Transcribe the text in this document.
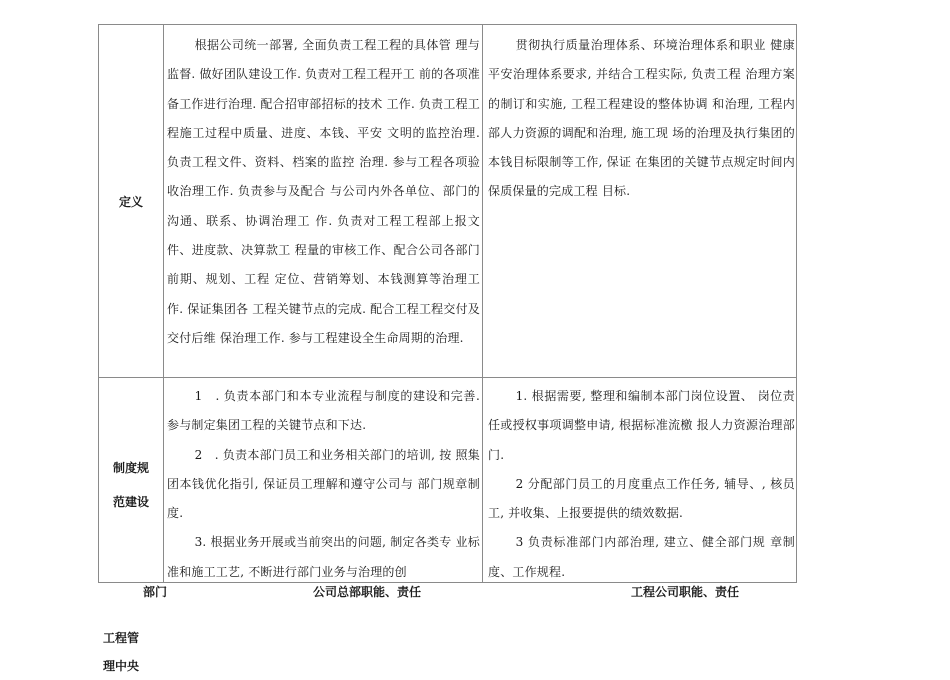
定义

根据公司统一部署, 全面负责工程工程的具体管 理与监督. 做好团队建设工作. 负责对工程工程开工 前的各项准备工作进行治理. 配合招审部招标的技术 工作. 负责工程工程施工过程中质量、进度、本钱、平安 文明的监控治理. 负责工程文件、资料、档案的监控 治理. 参与工程各项验收治理工作. 负责参与及配合 与公司内外各单位、部门的沟通、联系、协调治理工 作. 负责对工程工程部上报文件、进度款、决算款工 程量的审核工作、配合公司各部门前期、规划、工程 定位、营销筹划、本钱测算等治理工作. 保证集团各 工程关键节点的完成. 配合工程工程交付及交付后维 保治理工作. 参与工程建设全生命周期的治理.

贯彻执行质量治理体系、环境治理体系和职业 健康平安治理体系要求, 并结合工程实际, 负责工程 治理方案的制订和实施, 工程工程建设的整体协调 和治理, 工程内部人力资源的调配和治理, 施工现 场的治理及执行集团的本钱目标限制等工作, 保证 在集团的关键节点规定时间内保质保量的完成工程 目标.

制度规
范建设

1　. 负责本部门和本专业流程与制度的建设和完善. 参与制定集团工程的关键节点和下达.

2　. 负责本部门员工和业务相关部门的培训, 按 照集团本钱优化指引, 保证员工理解和遵守公司与 部门规章制度.

3. 根据业务开展或当前突出的问题, 制定各类专 业标准和施工工艺, 不断进行部门业务与治理的创

1. 根据需要, 整理和编制本部门岗位设置、 岗位责任或授权事项调整申请, 根据标准流檄 报人力资源治理部门.

2 分配部门员工的月度重点工作任务, 辅导、, 核员工, 并收集、上报要提供的绩效数据.

3 负责标准部门内部治理, 建立、健全部门规 章制度、工作规程.

部门	公司总部职能、责任	工程公司职能、责任
工程管
理中央
